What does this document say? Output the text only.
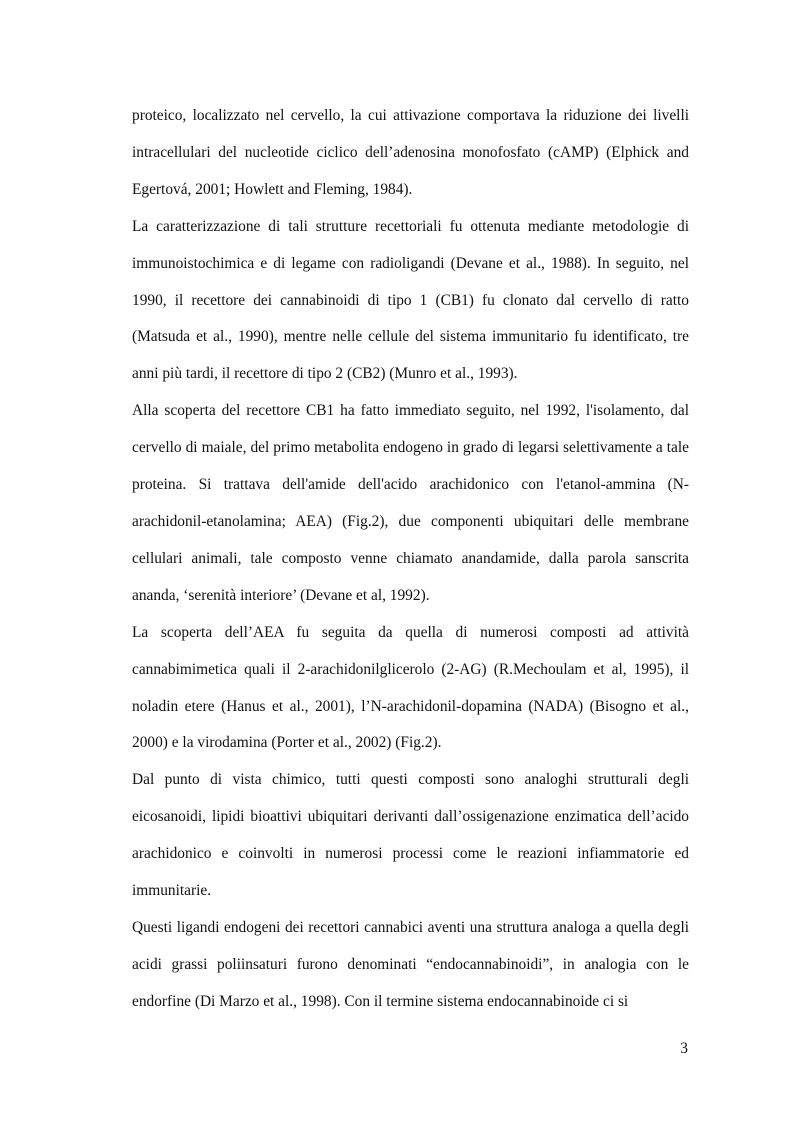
proteico, localizzato nel cervello, la cui attivazione comportava la riduzione dei livelli intracellulari del nucleotide ciclico dell’adenosina monofosfato (cAMP) (Elphick and Egertová, 2001; Howlett and Fleming, 1984).

La caratterizzazione di tali strutture recettoriali fu ottenuta mediante metodologie di immunoistochimica e di legame con radioligandi (Devane et al., 1988). In seguito, nel 1990, il recettore dei cannabinoidi di tipo 1 (CB1) fu clonato dal cervello di ratto (Matsuda et al., 1990), mentre nelle cellule del sistema immunitario fu identificato, tre anni più tardi, il recettore di tipo 2 (CB2) (Munro et al., 1993).

Alla scoperta del recettore CB1 ha fatto immediato seguito, nel 1992, l'isolamento, dal cervello di maiale, del primo metabolita endogeno in grado di legarsi selettivamente a tale proteina. Si trattava dell'amide dell'acido arachidonico con l'etanol-ammina (N-arachidonil-etanolamina; AEA) (Fig.2), due componenti ubiquitari delle membrane cellulari animali, tale composto venne chiamato anandamide, dalla parola sanscrita ananda, ‘serenità interiore’ (Devane et al, 1992).

La scoperta dell’AEA fu seguita da quella di numerosi composti ad attività cannabimimetica quali il 2-arachidonilglicerolo (2-AG) (R.Mechoulam et al, 1995), il noladin etere (Hanus et al., 2001), l’N-arachidonil-dopamina (NADA) (Bisogno et al., 2000) e la virodamina (Porter et al., 2002) (Fig.2).

Dal punto di vista chimico, tutti questi composti sono analoghi strutturali degli eicosanoidi, lipidi bioattivi ubiquitari derivanti dall’ossigenazione enzimatica dell’acido arachidonico e coinvolti in numerosi processi come le reazioni infiammatorie ed immunitarie.

Questi ligandi endogeni dei recettori cannabici aventi una struttura analoga a quella degli acidi grassi poliinsaturi furono denominati “endocannabinoidi”, in analogia con le endorfine (Di Marzo et al., 1998). Con il termine sistema endocannabinoide ci si

3
